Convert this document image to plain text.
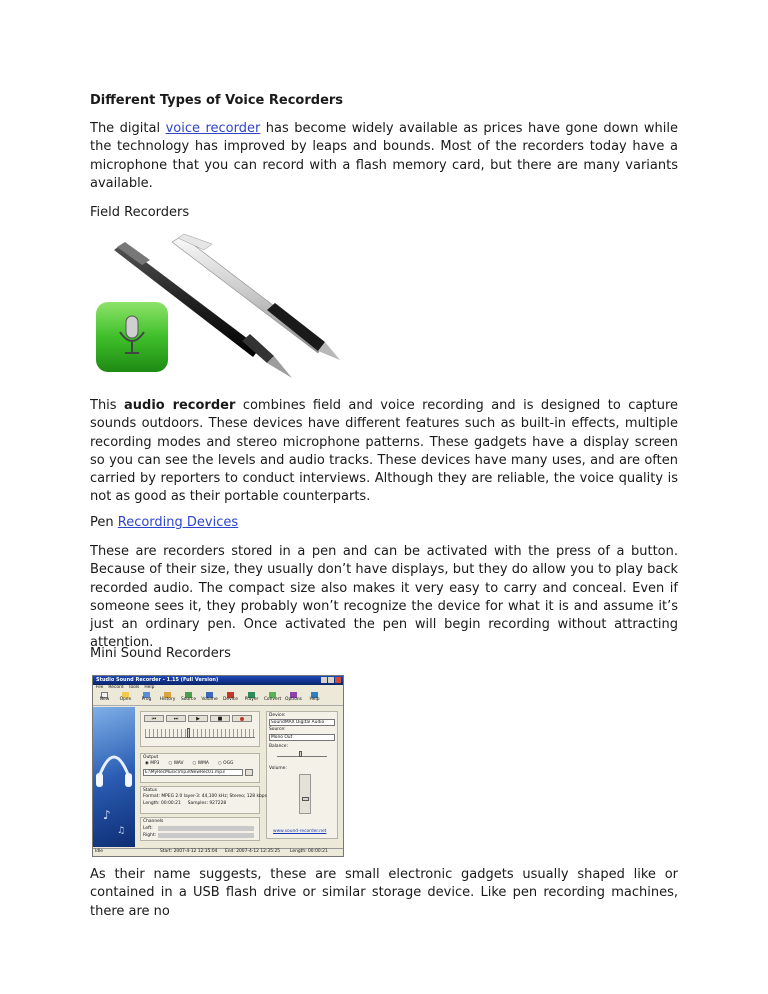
Different Types of Voice Recorders

The digital voice recorder has become widely available as prices have gone down while the technology has improved by leaps and bounds. Most of the recorders today have a microphone that you can record with a flash memory card, but there are many variants available.

Field Recorders

This audio recorder combines field and voice recording and is designed to capture sounds outdoors. These devices have different features such as built-in effects, multiple recording modes and stereo microphone patterns. These gadgets have a display screen so you can see the levels and audio tracks. These devices have many uses, and are often carried by reporters to conduct interviews. Although they are reliable, the voice quality is not as good as their portable counterparts.

Pen Recording Devices

These are recorders stored in a pen and can be activated with the press of a button. Because of their size, they usually don’t have displays, but they do allow you to play back recorded audio. The compact size also makes it very easy to carry and conceal. Even if someone sees it, they probably won’t recognize the device for what it is and assume it’s just an ordinary pen. Once activated the pen will begin recording without attracting attention.

Mini Sound Recorders
Studio Sound Recorder - 1.15 (Full Version)
File Record Tools Help
New Open Prog History Source Volume Device Player Convert Options Help
♪
♫
⏮	⏭	▶	■
Device:
SoundMAX Digital Audio
Source:
Mono Out
Balance:
Volume:
www.sound-recorder.net
Output
◉ MP3 ○ WAV ○ WMA ○ OGG
E:\MyRecMusic\mp3\NewRec01.mp3
Status
Format: MPEG 2.0 layer-3: 44,100 kHz; Stereo; 128 kbps
Length: 00:00:21 Samples: 927228
Channels
Left:
Right:
Idle	Start: 2007-4-12 12:35:04	End: 2007-4-12 12:35:25	Length: 00:00:21

As their name suggests, these are small electronic gadgets usually shaped like or contained in a USB flash drive or similar storage device. Like pen recording machines, there are no
